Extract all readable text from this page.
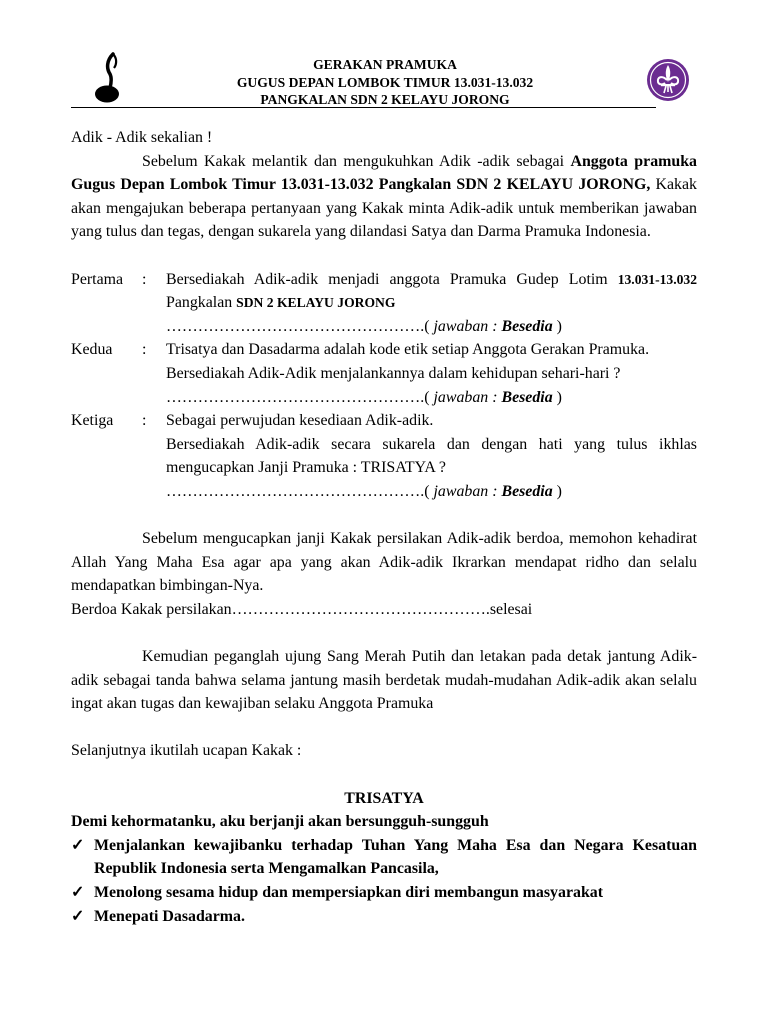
GERAKAN PRAMUKA
GUGUS DEPAN LOMBOK TIMUR 13.031-13.032
PANGKALAN SDN 2 KELAYU JORONG

Adik - Adik sekalian !

Sebelum Kakak melantik dan mengukuhkan Adik -adik sebagai Anggota pramuka Gugus Depan Lombok Timur 13.031-13.032 Pangkalan SDN 2 KELAYU JORONG, Kakak akan mengajukan beberapa pertanyaan yang Kakak minta Adik-adik untuk memberikan jawaban yang tulus dan tegas, dengan sukarela yang dilandasi Satya dan Darma Pramuka Indonesia.

Pertama	:	Bersediakah Adik-adik menjadi anggota Pramuka Gudep Lotim 13.031-13.032 Pangkalan SDN 2 KELAYU JORONG
………………………………………….( jawaban : Besedia )
Kedua	:	Trisatya dan Dasadarma adalah kode etik setiap Anggota Gerakan Pramuka.
Bersediakah Adik-Adik menjalankannya dalam kehidupan sehari-hari ?
………………………………………….( jawaban : Besedia )
Ketiga	:	Sebagai perwujudan kesediaan Adik-adik.
Bersediakah Adik-adik secara sukarela dan dengan hati yang tulus ikhlas mengucapkan Janji Pramuka : TRISATYA ?
………………………………………….( jawaban : Besedia )

Sebelum mengucapkan janji Kakak persilakan Adik-adik berdoa, memohon kehadirat Allah Yang Maha Esa agar apa yang akan Adik-adik Ikrarkan mendapat ridho dan selalu mendapatkan bimbingan-Nya.

Berdoa Kakak persilakan………………………………………….selesai

Kemudian peganglah ujung Sang Merah Putih dan letakan pada detak jantung Adik-adik sebagai tanda bahwa selama jantung masih berdetak mudah-mudahan Adik-adik akan selalu ingat akan tugas dan kewajiban selaku Anggota Pramuka

Selanjutnya ikutilah ucapan Kakak :

TRISATYA
Demi kehormatanku, aku berjanji akan bersungguh-sungguh
✓ Menjalankan kewajibanku terhadap Tuhan Yang Maha Esa dan Negara Kesatuan Republik Indonesia serta Mengamalkan Pancasila,
✓ Menolong sesama hidup dan mempersiapkan diri membangun masyarakat
✓ Menepati Dasadarma.
